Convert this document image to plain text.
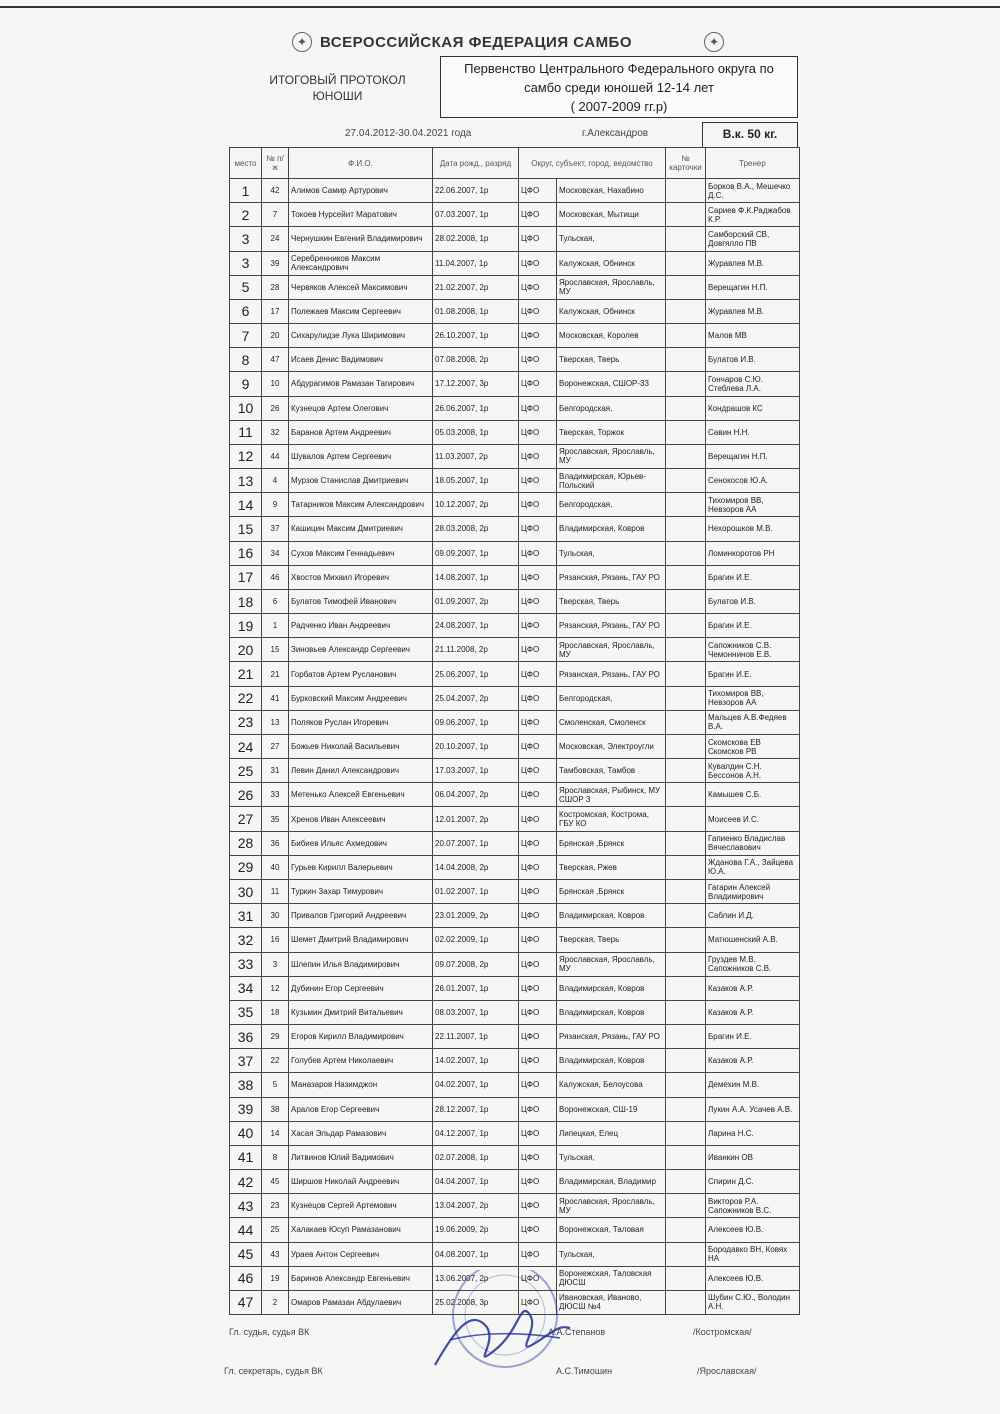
✦ ВСЕРОССИЙСКАЯ ФЕДЕРАЦИЯ САМБО	✦
ИТОГОВЫЙ ПРОТОКОЛ
ЮНОШИ
Первенство Центрального Федерального округа по
самбо среди юношей 12-14 лет
( 2007-2009 гг.р)
27.04.2012-30.04.2021 года	г.Александров	В.к. 50 кг.
место	№ п/ж	Ф.И.О.	Дата рожд., разряд	Округ, субъект, город, ведомство		№ карточки	Тренер
1	42	Алимов Самир Артурович	22.06.2007, 1р	ЦФО	Московская, Нахабино		Борков В.А., Мешечко Д.С.
2	7	Токоев Нурсейит Маратович	07.03.2007, 1р	ЦФО	Московская, Мытищи		Сариев Ф.К.Раджабов К.Р.
3	24	Чернушкин Евгений Владимирович	28.02.2008, 1р	ЦФО	Тульская,		Самборский СВ, Довгялло ПВ
3	39	Серебренников Максим Александрович	11.04.2007, 1р	ЦФО	Калужская, Обнинск		Журавлев М.В.
5	28	Червяков Алексей Максимович	21.02.2007, 2р	ЦФО	Ярославская, Ярославль, МУ		Верещагин Н.П.
6	17	Полежаев Максим Сергеевич	01.08.2008, 1р	ЦФО	Калужская, Обнинск		Журавлев М.В.
7	20	Сихарулидзе Лука Ширимович	26.10.2007, 1р	ЦФО	Московская, Королев		Малов МВ
8	47	Исаев Денис Вадимович	07.08.2008, 2р	ЦФО	Тверская, Тверь		Булатов И.В.
9	10	Абдурагимов Рамазан Тагирович	17.12.2007, 3р	ЦФО	Воронежская, СШОР-33		Гончаров С.Ю. Стеблева Л.А.
10	26	Кузнецов Артем Олегович	26.06.2007, 1р	ЦФО	Белгородская,		Кондрашов КС
11	32	Баранов Артем Андреевич	05.03.2008, 1р	ЦФО	Тверская, Торжок		Савин Н.Н.
12	44	Шувалов Артем Сергеевич	11.03.2007, 2р	ЦФО	Ярославская, Ярославль, МУ		Верещагин Н.П.
13	4	Мурзов Станислав Дмитриевич	18.05.2007, 1р	ЦФО	Владимирская, Юрьев-Польский		Сенокосов Ю.А.
14	9	Татарников Максим Александрович	10.12.2007, 2р	ЦФО	Белгородская,		Тихомиров ВВ, Невзоров АА
15	37	Кашицин Максим Дмитриевич	28.03.2008, 2р	ЦФО	Владимирская, Ковров		Нехорошков М.В.
16	34	Сухов Максим Геннадьевич	09.09.2007, 1р	ЦФО	Тульская,		Ломинкоротов РН
17	46	Хвостов Михаил Игоревич	14.08.2007, 1р	ЦФО	Рязанская, Рязань, ГАУ РО		Брагин И.Е.
18	6	Булатов Тимофей Иванович	01.09.2007, 2р	ЦФО	Тверская, Тверь		Булатов И.В.
19	1	Радченко Иван Андреевич	24.08.2007, 1р	ЦФО	Рязанская, Рязань, ГАУ РО		Брагин И.Е.
20	15	Зиновьев Александр Сергеевич	21.11.2008, 2р	ЦФО	Ярославская, Ярославль, МУ		Сапожников С.В. Чемоннинов Е.В.
21	21	Горбатов Артем Русланович	25.06.2007, 1р	ЦФО	Рязанская, Рязань, ГАУ РО		Брагин И.Е.
22	41	Бурковский Максим Андреевич	25.04.2007, 2р	ЦФО	Белгородская,		Тихомиров ВВ, Невзоров АА
23	13	Поляков Руслан Игоревич	09.06.2007, 1р	ЦФО	Смоленская, Смоленск		Мальцев А.В.Федяев В.А.
24	27	Божьев Николай Васильевич	20.10.2007, 1р	ЦФО	Московская, Электроугли		Скомскова ЕВ Скомсков РВ
25	31	Левин Данил Александрович	17.03.2007, 1р	ЦФО	Тамбовская, Тамбов		Кувалдин С.Н. Бессонов А.Н.
26	33	Метенько Алексей Евгеньевич	06.04.2007, 2р	ЦФО	Ярославская, Рыбинск, МУ СШОР 3		Камышев С.Б.
27	35	Хренов Иван Алексеевич	12.01.2007, 2р	ЦФО	Костромская, Кострома, ГБУ КО		Моисеев И.С.
28	36	Бибиев Ильяс Ахмедович	20.07.2007, 1р	ЦФО	Брянская ,Брянск		Гапиенко Владислав Вячеславович
29	40	Гурьев Кирилл Валерьевич	14.04.2008, 2р	ЦФО	Тверская, Ржев		Жданова Г.А., Зайцева Ю.А.
30	11	Туркин Захар Тимурович	01.02.2007, 1р	ЦФО	Брянская ,Брянск		Гагарин Алексей Владимирович
31	30	Привалов Григорий Андреевич	23.01.2009, 2р	ЦФО	Владимирская, Ковров		Саблин И.Д.
32	16	Шемет Дмитрий Владимирович	02.02.2009, 1р	ЦФО	Тверская, Тверь		Матюшенский А.В.
33	3	Шлепин Илья Владимирович	09.07.2008, 2р	ЦФО	Ярославская, Ярославль, МУ		Груздев М.В. Сапожников С.В.
34	12	Дубинин Егор Сергеевич	26.01.2007, 1р	ЦФО	Владимирская, Ковров		Казаков А.Р.
35	18	Кузьмин Дмитрий Витальевич	08.03.2007, 1р	ЦФО	Владимирская, Ковров		Казаков А.Р.
36	29	Егоров Кирилл Владимирович	22.11.2007, 1р	ЦФО	Рязанская, Рязань, ГАУ РО		Брагин И.Е.
37	22	Голубев Артем Николаевич	14.02.2007, 1р	ЦФО	Владимирская, Ковров		Казаков А.Р.
38	5	Маназаров Назимджон	04.02.2007, 1р	ЦФО	Калужская, Белоусова		Демехин М.В.
39	38	Аралов Егор Сергеевич	28.12.2007, 1р	ЦФО	Воронежская, СШ-19		Лукин А.А. Усачев А.В.
40	14	Хасая Эльдар Рамазович	04.12.2007, 1р	ЦФО	Липецкая, Елец		Ларина Н.С.
41	8	Литвинов Юлий Вадимович	02.07.2008, 1р	ЦФО	Тульская,		Иванкин ОВ
42	45	Ширшов Николай Андреевич	04.04.2007, 1р	ЦФО	Владимирская, Владимир		Спирин Д.С.
43	23	Кузнецов Сергей Артемович	13.04.2007, 2р	ЦФО	Ярославская, Ярославль, МУ		Викторов Р.А. Сапожников В.С.
44	25	Халакаев Юсуп Рамазанович	19.06.2009, 2р	ЦФО	Воронежская, Таловая		Алексеев Ю.В.
45	43	Ураев Антон Сергеевич	04.08.2007, 1р	ЦФО	Тульская,		Бородавко ВН, Ковях НА
46	19	Баринов Александр Евгеньевич	13.06.2007, 2р	ЦФО	Воронежская, Таловская ДЮСШ		Алексеев Ю.В.
47	2	Омаров Рамазан Абдулаевич	25.02.2008, 3р	ЦФО	Ивановская, Иваново, ДЮСШ №4		Шубин С.Ю., Володин А.Н.
Гл. судья, судья ВК	А.А.Степанов	/Костромская/
Гл. секретарь, судья ВК	А.С.Тимошин	/Ярославская/
